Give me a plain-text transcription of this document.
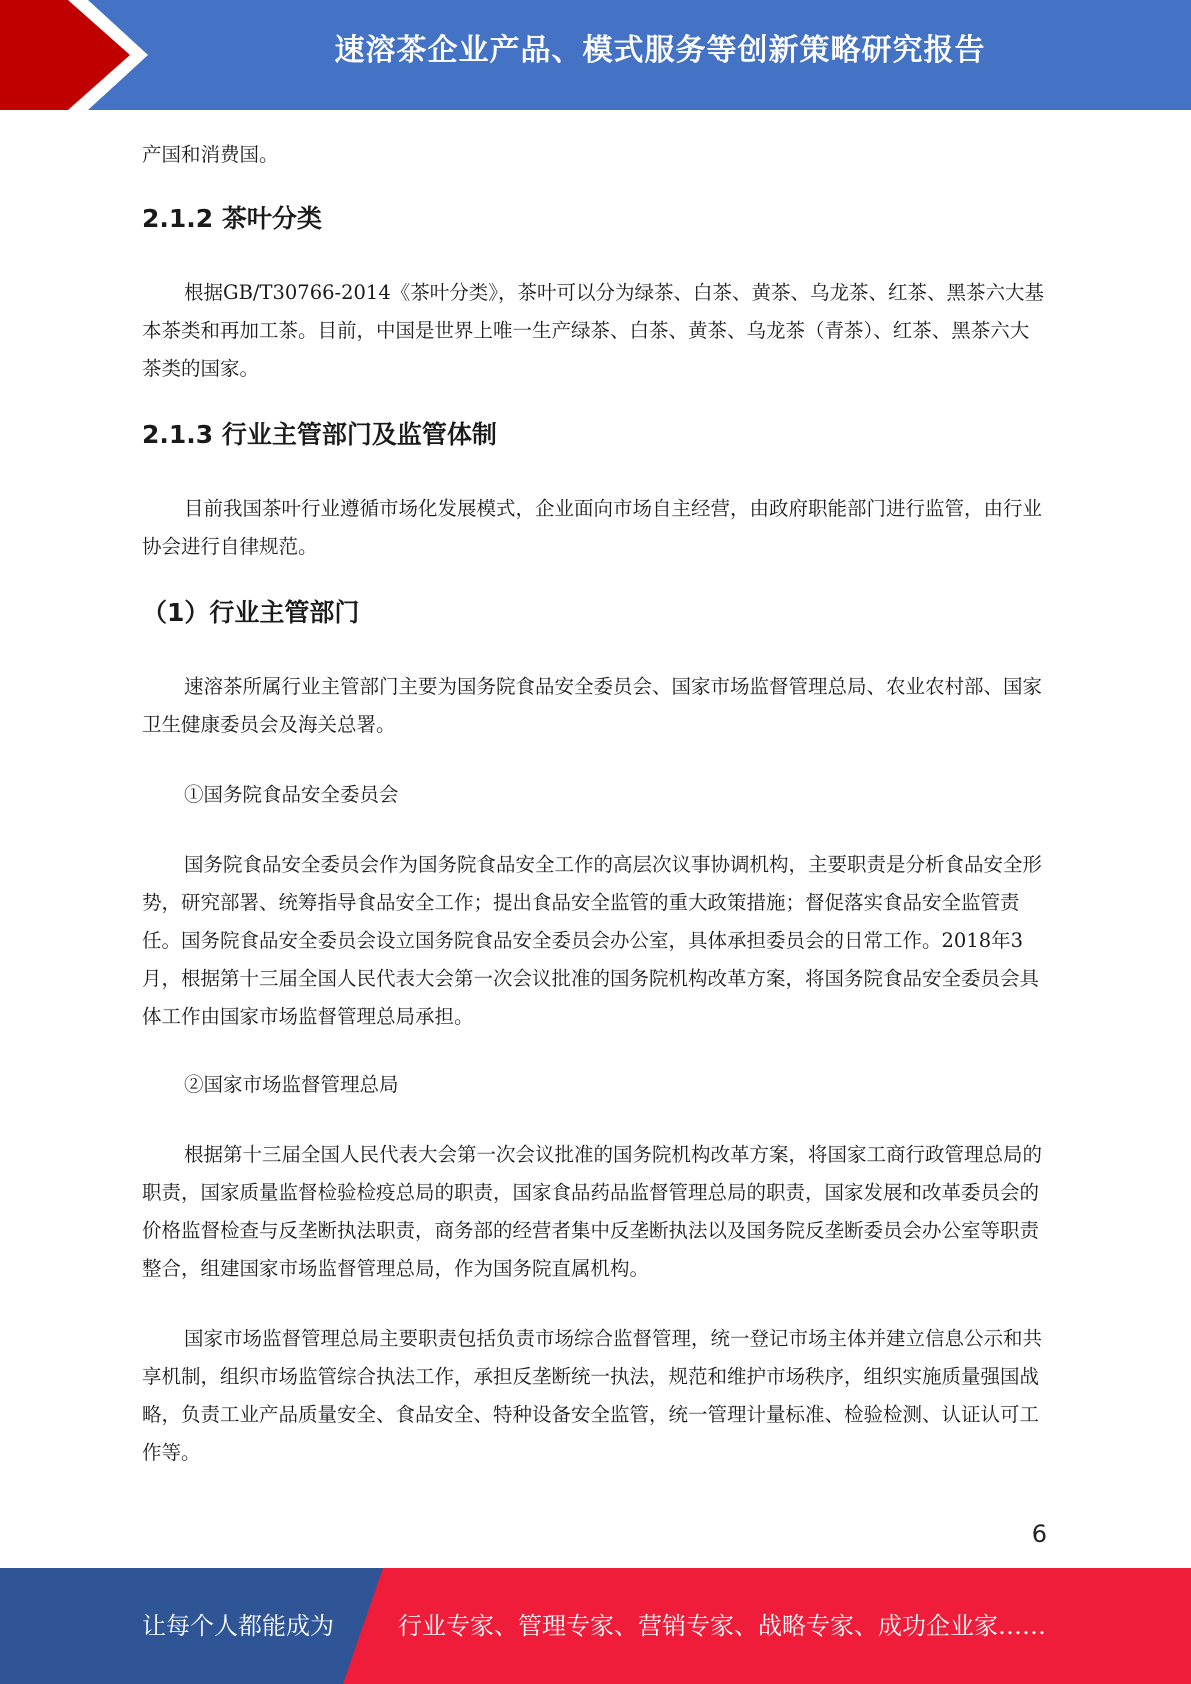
速溶茶企业产品、模式服务等创新策略研究报告

产国和消费国。

2.1.2 茶叶分类

根据GB/T30766-2014《茶叶分类》，茶叶可以分为绿茶、白茶、黄茶、乌龙茶、红茶、黑茶六大基本茶类和再加工茶。目前，中国是世界上唯一生产绿茶、白茶、黄茶、乌龙茶（青茶）、红茶、黑茶六大茶类的国家。

2.1.3 行业主管部门及监管体制

目前我国茶叶行业遵循市场化发展模式，企业面向市场自主经营，由政府职能部门进行监管，由行业协会进行自律规范。

（1）行业主管部门

速溶茶所属行业主管部门主要为国务院食品安全委员会、国家市场监督管理总局、农业农村部、国家卫生健康委员会及海关总署。

①国务院食品安全委员会

国务院食品安全委员会作为国务院食品安全工作的高层次议事协调机构，主要职责是分析食品安全形势，研究部署、统筹指导食品安全工作；提出食品安全监管的重大政策措施；督促落实食品安全监管责任。国务院食品安全委员会设立国务院食品安全委员会办公室，具体承担委员会的日常工作。2018年3月，根据第十三届全国人民代表大会第一次会议批准的国务院机构改革方案，将国务院食品安全委员会具体工作由国家市场监督管理总局承担。

②国家市场监督管理总局

根据第十三届全国人民代表大会第一次会议批准的国务院机构改革方案，将国家工商行政管理总局的职责，国家质量监督检验检疫总局的职责，国家食品药品监督管理总局的职责，国家发展和改革委员会的价格监督检查与反垄断执法职责，商务部的经营者集中反垄断执法以及国务院反垄断委员会办公室等职责整合，组建国家市场监督管理总局，作为国务院直属机构。

国家市场监督管理总局主要职责包括负责市场综合监督管理，统一登记市场主体并建立信息公示和共享机制，组织市场监管综合执法工作，承担反垄断统一执法，规范和维护市场秩序，组织实施质量强国战略，负责工业产品质量安全、食品安全、特种设备安全监管，统一管理计量标准、检验检测、认证认可工作等。

6
让每个人都能成为	行业专家、管理专家、营销专家、战略专家、成功企业家……
